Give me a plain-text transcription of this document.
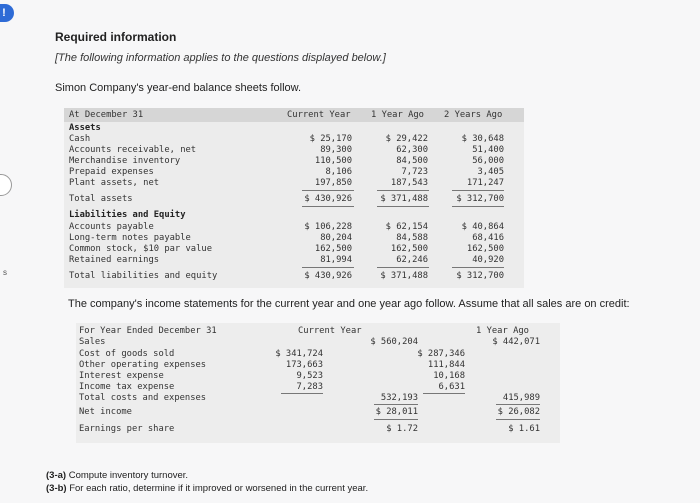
!
s
Required information
[The following information applies to the questions displayed below.]
Simon Company's year-end balance sheets follow.
At December 31	Current Year 1 Year Ago 2 Years Ago
Assets
Cash	$ 25,170	$ 29,422	$ 30,648
Accounts receivable, net	89,300	62,300	51,400
Merchandise inventory	110,500	84,500	56,000
Prepaid expenses	8,106	7,723	3,405
Plant assets, net	197,850	187,543	171,247
Total assets	$ 430,926	$ 371,488	$ 312,700
Liabilities and Equity
Accounts payable	$ 106,228	$ 62,154	$ 40,864
Long-term notes payable	80,204	84,588	68,416
Common stock, $10 par value	162,500	162,500	162,500
Retained earnings	81,994	62,246	40,920
Total liabilities and equity	$ 430,926	$ 371,488	$ 312,700
The company's income statements for the current year and one year ago follow. Assume that all sales are on credit:
For Year Ended December 31	Current Year	1 Year Ago
Sales	$ 560,204	$ 442,071
Cost of goods sold	$ 341,724	$ 287,346
Other operating expenses	173,663	111,844
Interest expense	9,523	10,168
Income tax expense	7,283	6,631
Total costs and expenses	532,193	415,989
Net income	$ 28,011	$ 26,082
Earnings per share	$ 1.72	$ 1.61
(3-a) Compute inventory turnover.
(3-b) For each ratio, determine if it improved or worsened in the current year.
